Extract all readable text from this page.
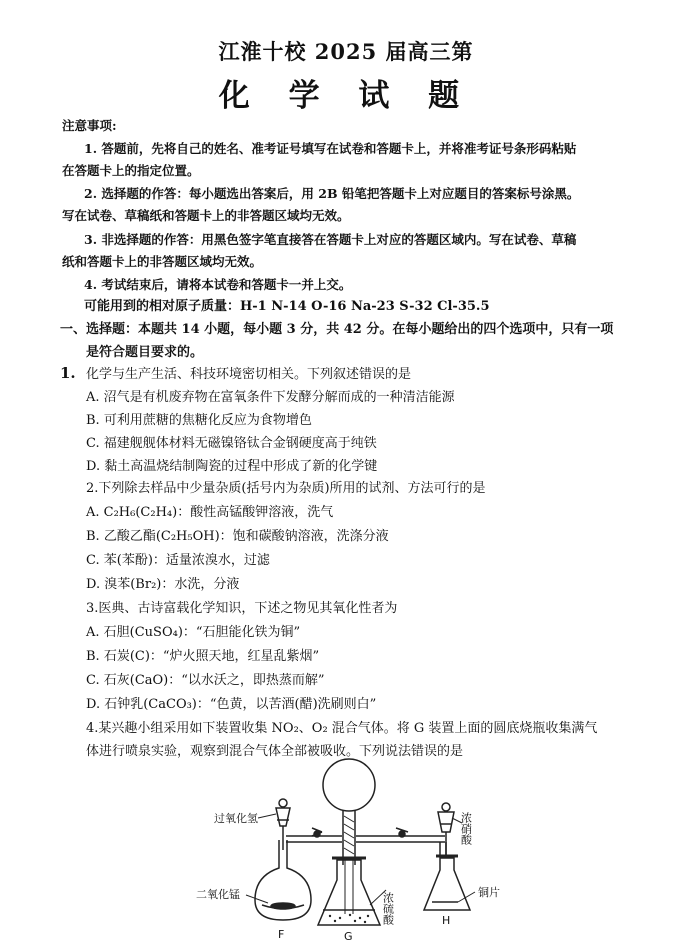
江淮十校 2025 届高三第
化 学 试 题
注意事项:
1. 答题前，先将自己的姓名、准考证号填写在试卷和答题卡上，并将准考证号条形码粘贴
在答题卡上的指定位置。
2. 选择题的作答：每小题选出答案后，用 2B 铅笔把答题卡上对应题目的答案标号涂黑。
写在试卷、草稿纸和答题卡上的非答题区域均无效。
3. 非选择题的作答：用黑色签字笔直接答在答题卡上对应的答题区域内。写在试卷、草稿
纸和答题卡上的非答题区域均无效。
4. 考试结束后，请将本试卷和答题卡一并上交。
可能用到的相对原子质量：H-1 N-14 O-16 Na-23 S-32 Cl-35.5
一、选择题：本题共 14 小题，每小题 3 分，共 42 分。在每小题给出的四个选项中，只有一项
是符合题目要求的。
1. 化学与生产生活、科技环境密切相关。下列叙述错误的是
A. 沼气是有机废弃物在富氧条件下发酵分解而成的一种清洁能源
B. 可利用蔗糖的焦糖化反应为食物增色
C. 福建舰舰体材料无磁镍铬钛合金钢硬度高于纯铁
D. 黏土高温烧结制陶瓷的过程中形成了新的化学键
2.下列除去样品中少量杂质(括号内为杂质)所用的试剂、方法可行的是
A. C₂H₆(C₂H₄)：酸性高锰酸钾溶液，洗气
B. 乙酸乙酯(C₂H₅OH)：饱和碳酸钠溶液，洗涤分液
C. 苯(苯酚)：适量浓溴水，过滤
D. 溴苯(Br₂)：水洗，分液
3.医典、古诗富载化学知识，下述之物见其氧化性者为
A. 石胆(CuSO₄)：“石胆能化铁为铜”
B. 石炭(C)：“炉火照天地，红星乱紫烟”
C. 石灰(CaO)：“以水沃之，即热蒸而解”
D. 石钟乳(CaCO₃)：“色黄，以苦酒(醋)洗刷则白”
4.某兴趣小组采用如下装置收集 NO₂、O₂ 混合气体。将 G 装置上面的圆底烧瓶收集满气
体进行喷泉实验，观察到混合气体全部被吸收。下列说法错误的是
过氧化氢
二氧化锰
F	G
H
浓硫酸
浓硝酸
铜片
